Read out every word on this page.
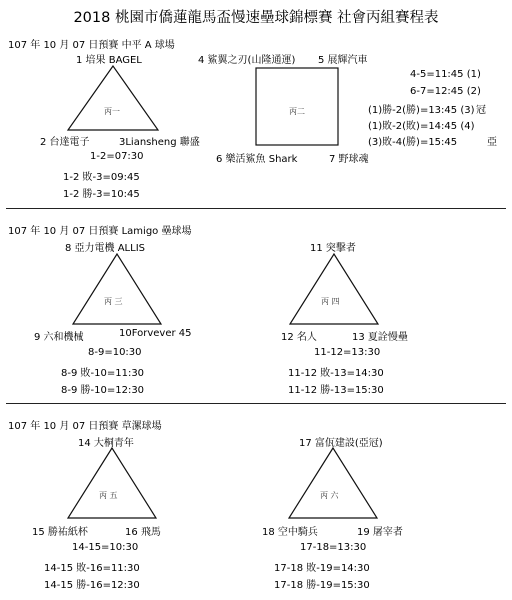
2018 桃園市僑蓮龍馬盃慢速壘球錦標賽 社會丙組賽程表
107 年 10 月 07 日預賽 中平 A 球場
丙一
1 培果 BAGEL
2 台達電子	3Liansheng 聯盛
1-2=07:30
1-2 敗-3=09:45
1-2 勝-3=10:45
丙二
4 鯊翼之刃(山隆通運) 5 展輝汽車
6 樂活鯊魚 Shark	7 野球魂
4-5=11:45 (1)
6-7=12:45 (2)
(1)勝-2(勝)=13:45 (3) 冠
(1)敗-2(敗)=14:45 (4)
(3)敗-4(勝)=15:45	亞
107 年 10 月 07 日預賽 Lamigo 壘球場
丙 三
8 亞力電機 ALLIS
9 六和機械	10Forvever 45
8-9=10:30
8-9 敗-10=11:30
8-9 勝-10=12:30
丙 四
11 突擊者
12 名人	13 夏詮慢壘
11-12=13:30
11-12 敗-13=14:30
11-12 勝-13=15:30
107 年 10 月 07 日預賽 草漯球場
丙 五
14 大桐青年
15 勝祐紙杯	16 飛馬
14-15=10:30
14-15 敗-16=11:30
14-15 勝-16=12:30
丙 六
17 富佤建設(亞冠)
18 空中騎兵	19 屠宰者
17-18=13:30
17-18 敗-19=14:30
17-18 勝-19=15:30
